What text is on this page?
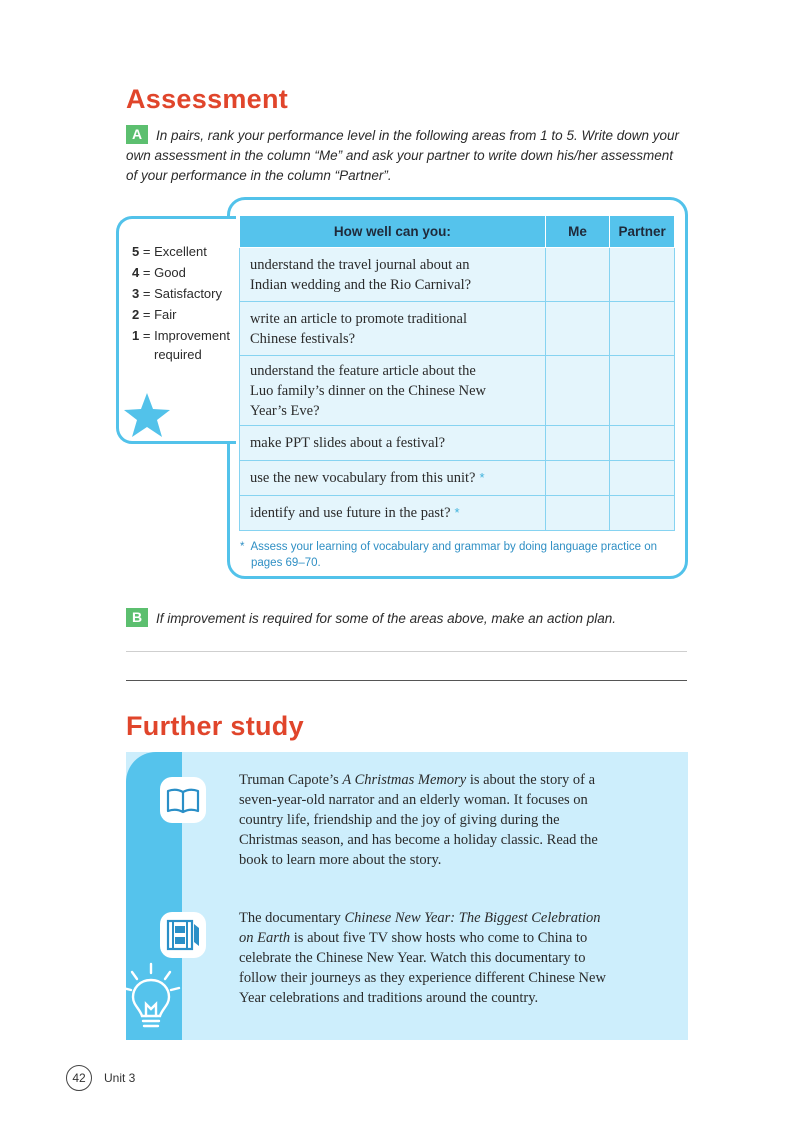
Assessment
A In pairs, rank your performance level in the following areas from 1 to 5. Write down your
own assessment in the column “Me” and ask your partner to write down his/her assessment
of your performance in the column “Partner”.
5 = Excellent
4 = Good
3 = Satisfactory
2 = Fair
1 = Improvement
required
How well can you:	Me	Partner

understand the travel journal about an
Indian wedding and the Rio Carnival?		

write an article to promote traditional
Chinese festivals?		

understand the feature article about the
Luo family’s dinner on the Chinese New
Year’s Eve?		

make PPT slides about a festival?		

use the new vocabulary from this unit? *		
identify and use future in the past? *		
* Assess your learning of vocabulary and grammar by doing language practice on
pages 69–70.
B If improvement is required for some of the areas above, make an action plan.
Further study
Truman Capote’s A Christmas Memory is about the story of a
seven-year-old narrator and an elderly woman. It focuses on
country life, friendship and the joy of giving during the
Christmas season, and has become a holiday classic. Read the
book to learn more about the story.
The documentary Chinese New Year: The Biggest Celebration
on Earth is about five TV show hosts who come to China to
celebrate the Chinese New Year. Watch this documentary to
follow their journeys as they experience different Chinese New
Year celebrations and traditions around the country.
42	Unit 3
